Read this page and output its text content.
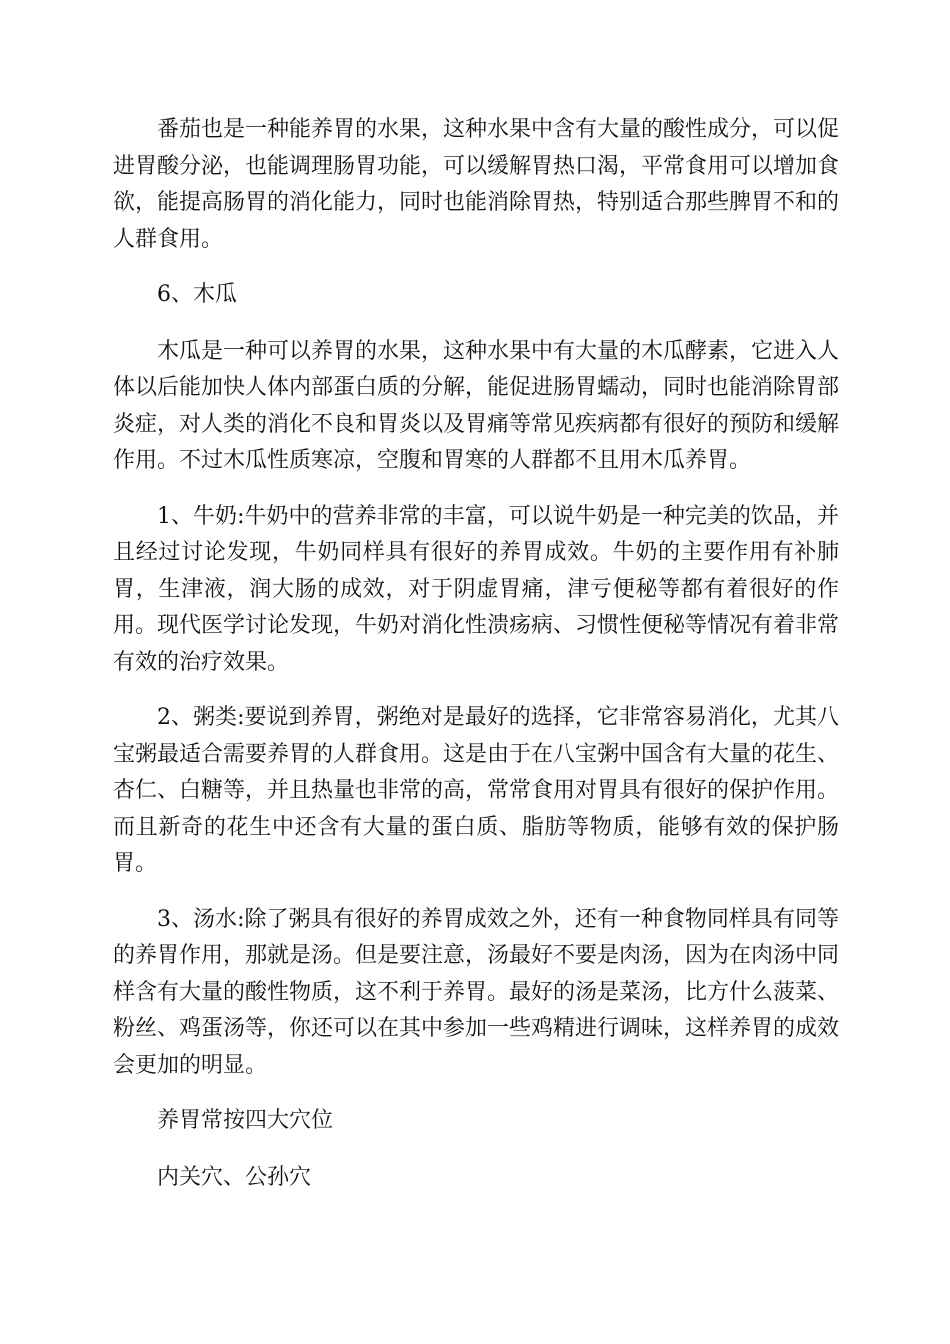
番茄也是一种能养胃的水果，这种水果中含有大量的酸性成分，可以促进胃酸分泌，也能调理肠胃功能，可以缓解胃热口渴，平常食用可以增加食欲，能提高肠胃的消化能力，同时也能消除胃热，特别适合那些脾胃不和的人群食用。

6、木瓜

木瓜是一种可以养胃的水果，这种水果中有大量的木瓜酵素，它进入人体以后能加快人体内部蛋白质的分解，能促进肠胃蠕动，同时也能消除胃部炎症，对人类的消化不良和胃炎以及胃痛等常见疾病都有很好的预防和缓解作用。不过木瓜性质寒凉，空腹和胃寒的人群都不且用木瓜养胃。

1、牛奶:牛奶中的营养非常的丰富，可以说牛奶是一种完美的饮品，并且经过讨论发现，牛奶同样具有很好的养胃成效。牛奶的主要作用有补肺胃，生津液，润大肠的成效，对于阴虚胃痛，津亏便秘等都有着很好的作用。现代医学讨论发现，牛奶对消化性溃疡病、习惯性便秘等情况有着非常有效的治疗效果。

2、粥类:要说到养胃，粥绝对是最好的选择，它非常容易消化，尤其八宝粥最适合需要养胃的人群食用。这是由于在八宝粥中国含有大量的花生、杏仁、白糖等，并且热量也非常的高，常常食用对胃具有很好的保护作用。而且新奇的花生中还含有大量的蛋白质、脂肪等物质，能够有效的保护肠胃。

3、汤水:除了粥具有很好的养胃成效之外，还有一种食物同样具有同等的养胃作用，那就是汤。但是要注意，汤最好不要是肉汤，因为在肉汤中同样含有大量的酸性物质，这不利于养胃。最好的汤是菜汤，比方什么菠菜、粉丝、鸡蛋汤等，你还可以在其中参加一些鸡精进行调味，这样养胃的成效会更加的明显。

养胃常按四大穴位

内关穴、公孙穴
